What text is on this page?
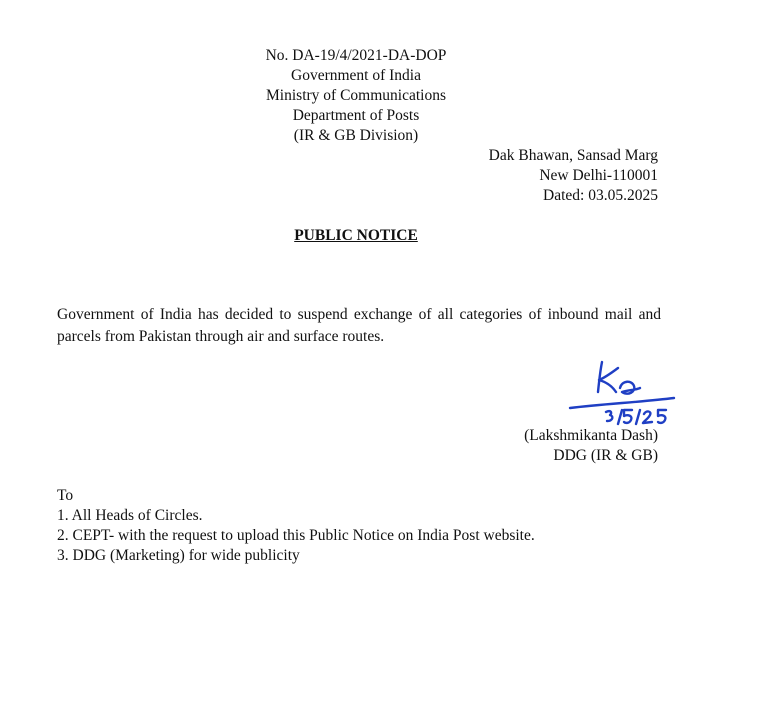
No. DA-19/4/2021-DA-DOP
Government of India
Ministry of Communications
Department of Posts
(IR & GB Division)
Dak Bhawan, Sansad Marg
New Delhi-110001
Dated: 03.05.2025
PUBLIC NOTICE
Government of India has decided to suspend exchange of all categories of inbound mail and parcels from Pakistan through air and surface routes.
(Lakshmikanta Dash)
DDG (IR & GB)
To
1. All Heads of Circles.
2. CEPT- with the request to upload this Public Notice on India Post website.
3. DDG (Marketing) for wide publicity
